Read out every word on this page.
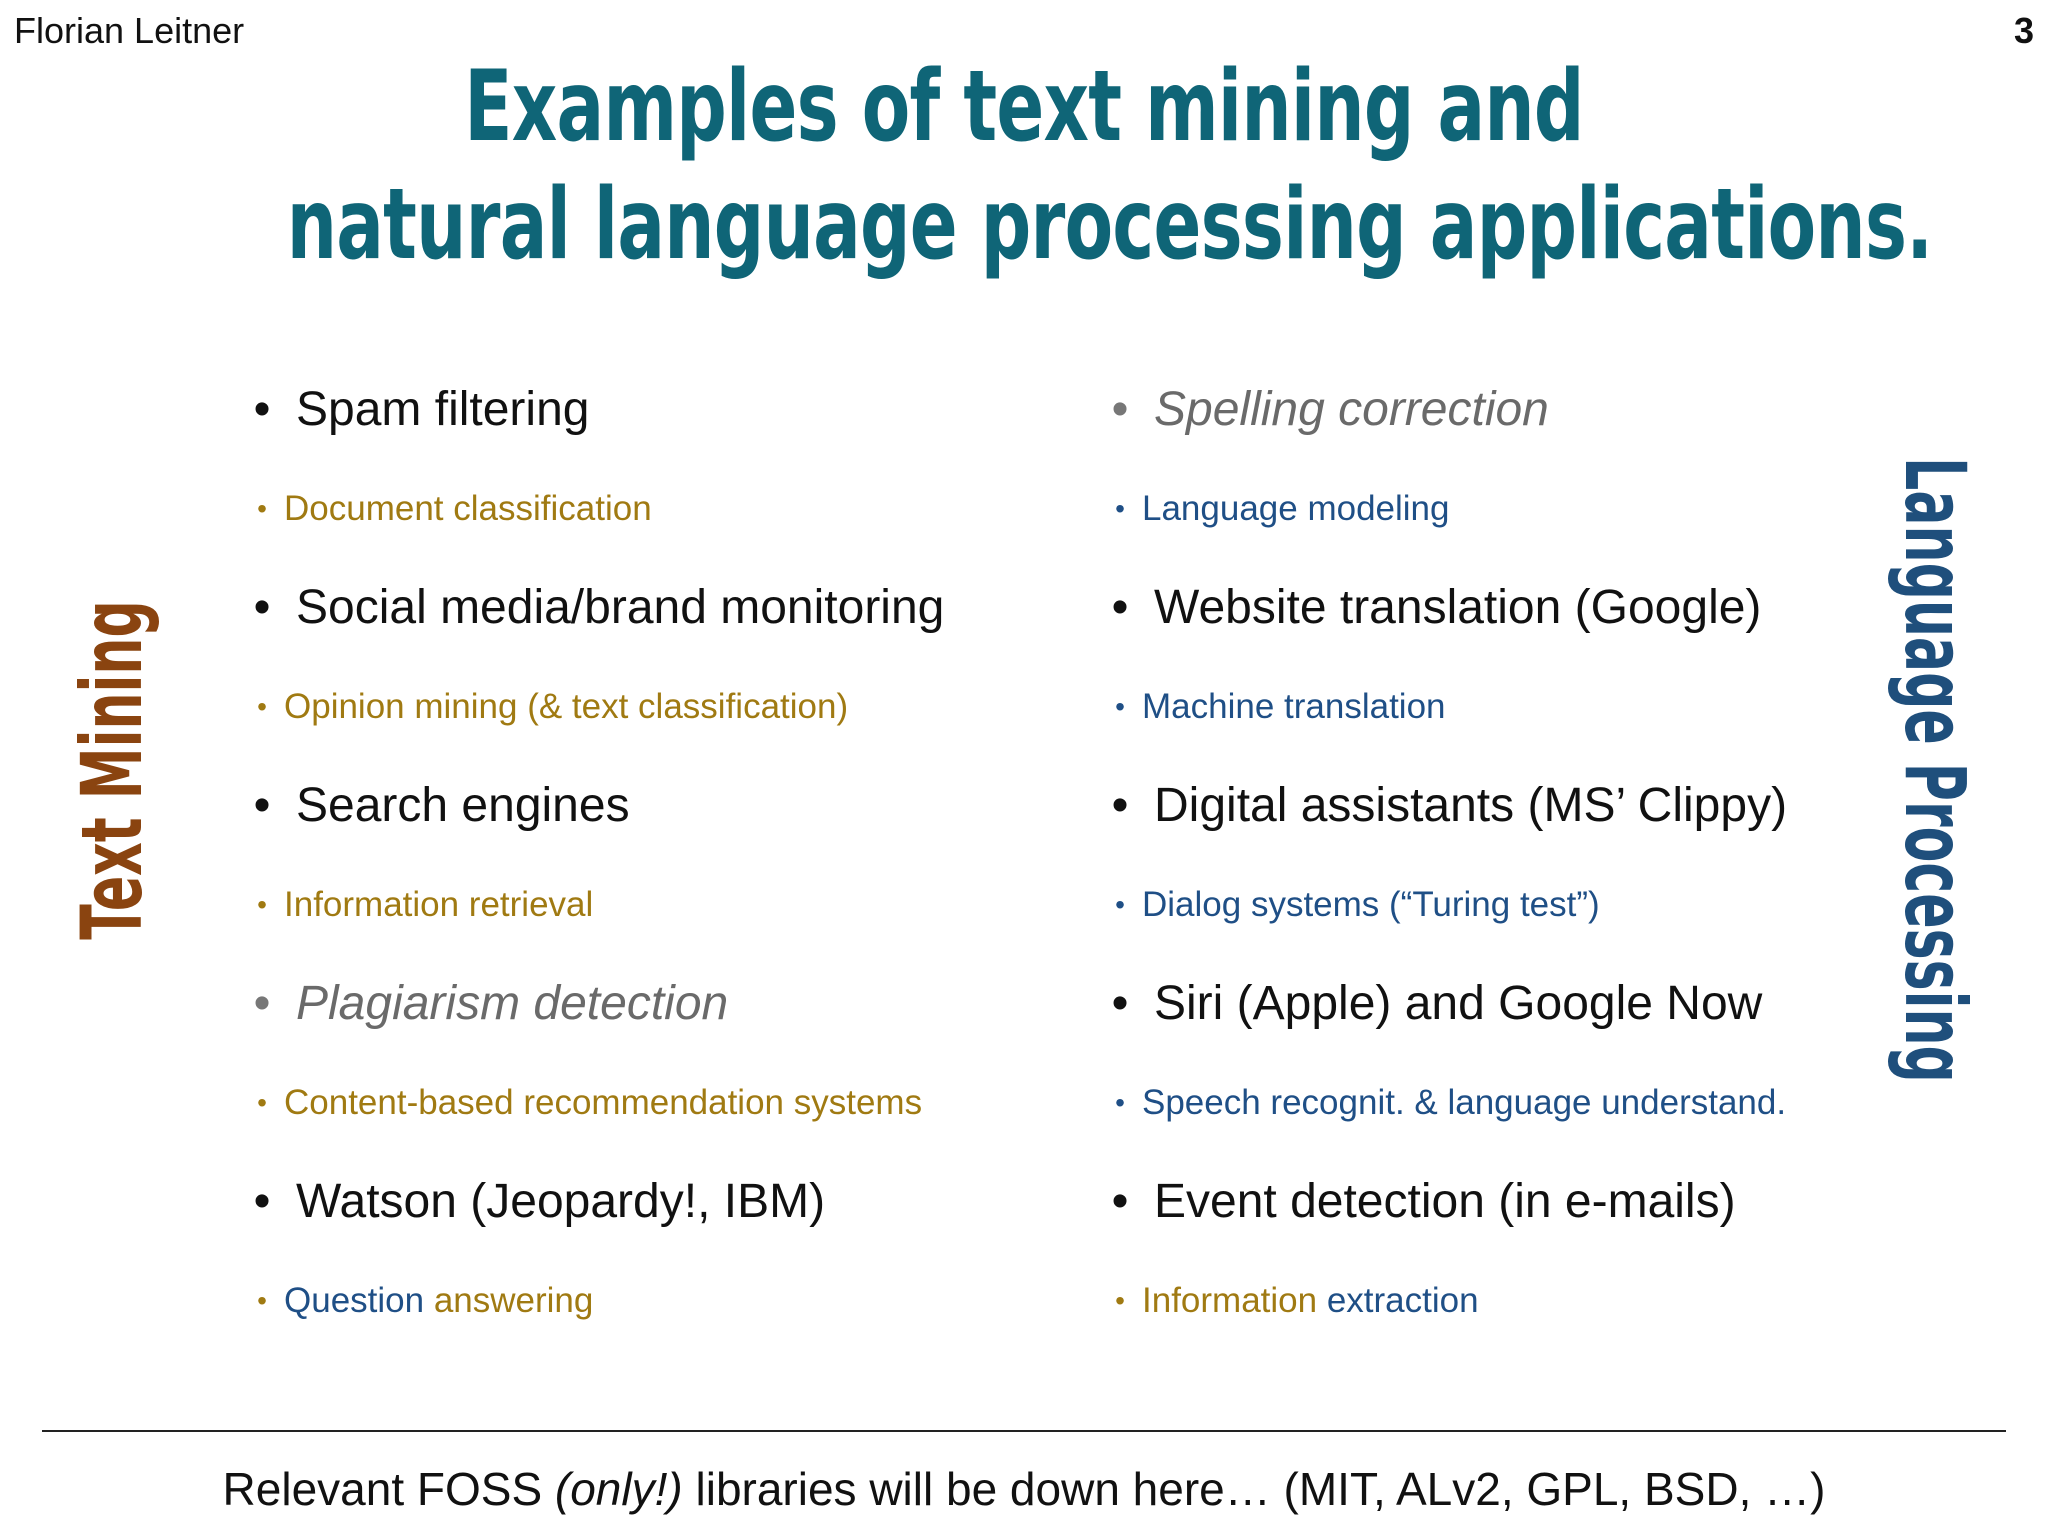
Florian Leitner	3
Examples of text mining and
natural language processing applications.
Text Mining	Language Processing
• Spam filtering
• Document classification
• Social media/brand monitoring
• Opinion mining (& text classification)
• Search engines
• Information retrieval
• Plagiarism detection
• Content-based recommendation systems
• Watson (Jeopardy!, IBM)
• Question answering
• Spelling correction
• Language modeling
• Website translation (Google)
• Machine translation
• Digital assistants (MS’ Clippy)
• Dialog systems (“Turing test”)
• Siri (Apple) and Google Now
• Speech recognit. & language understand.
• Event detection (in e-mails)
• Information extraction
Relevant FOSS (only!) libraries will be down here… (MIT, ALv2, GPL, BSD, …)
